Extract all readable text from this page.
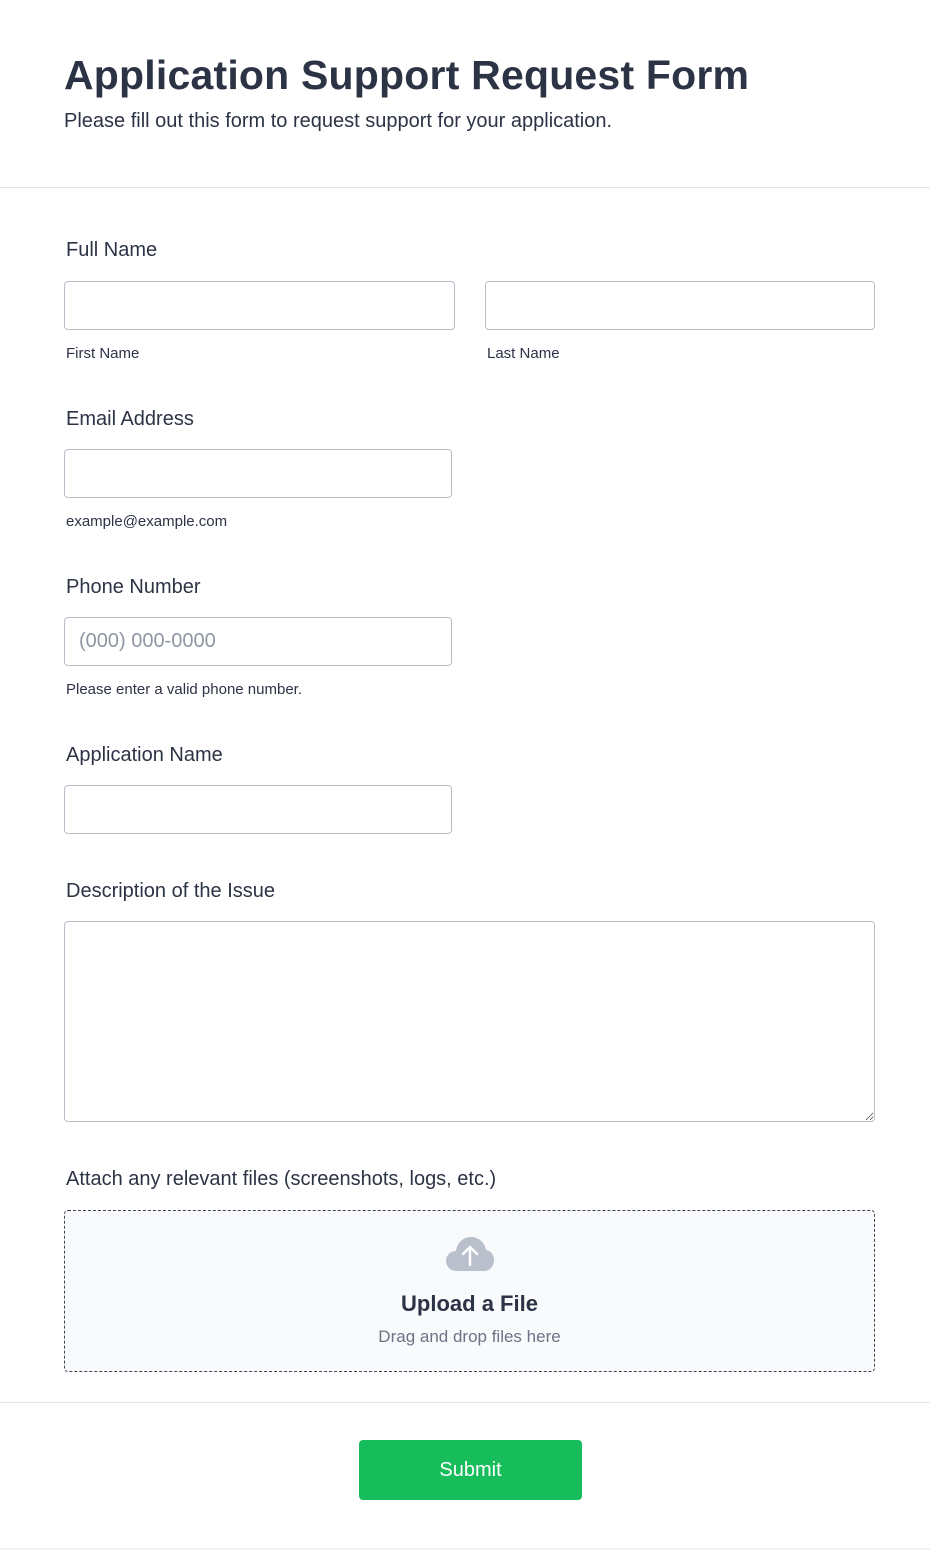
Application Support Request Form

Please fill out this form to request support for your application.

Full Name
First Name	Last Name
Email Address
example@example.com
Phone Number
(000) 000-0000
Please enter a valid phone number.
Application Name
Description of the Issue
Attach any relevant files (screenshots, logs, etc.)
Upload a File
Drag and drop files here
Submit
